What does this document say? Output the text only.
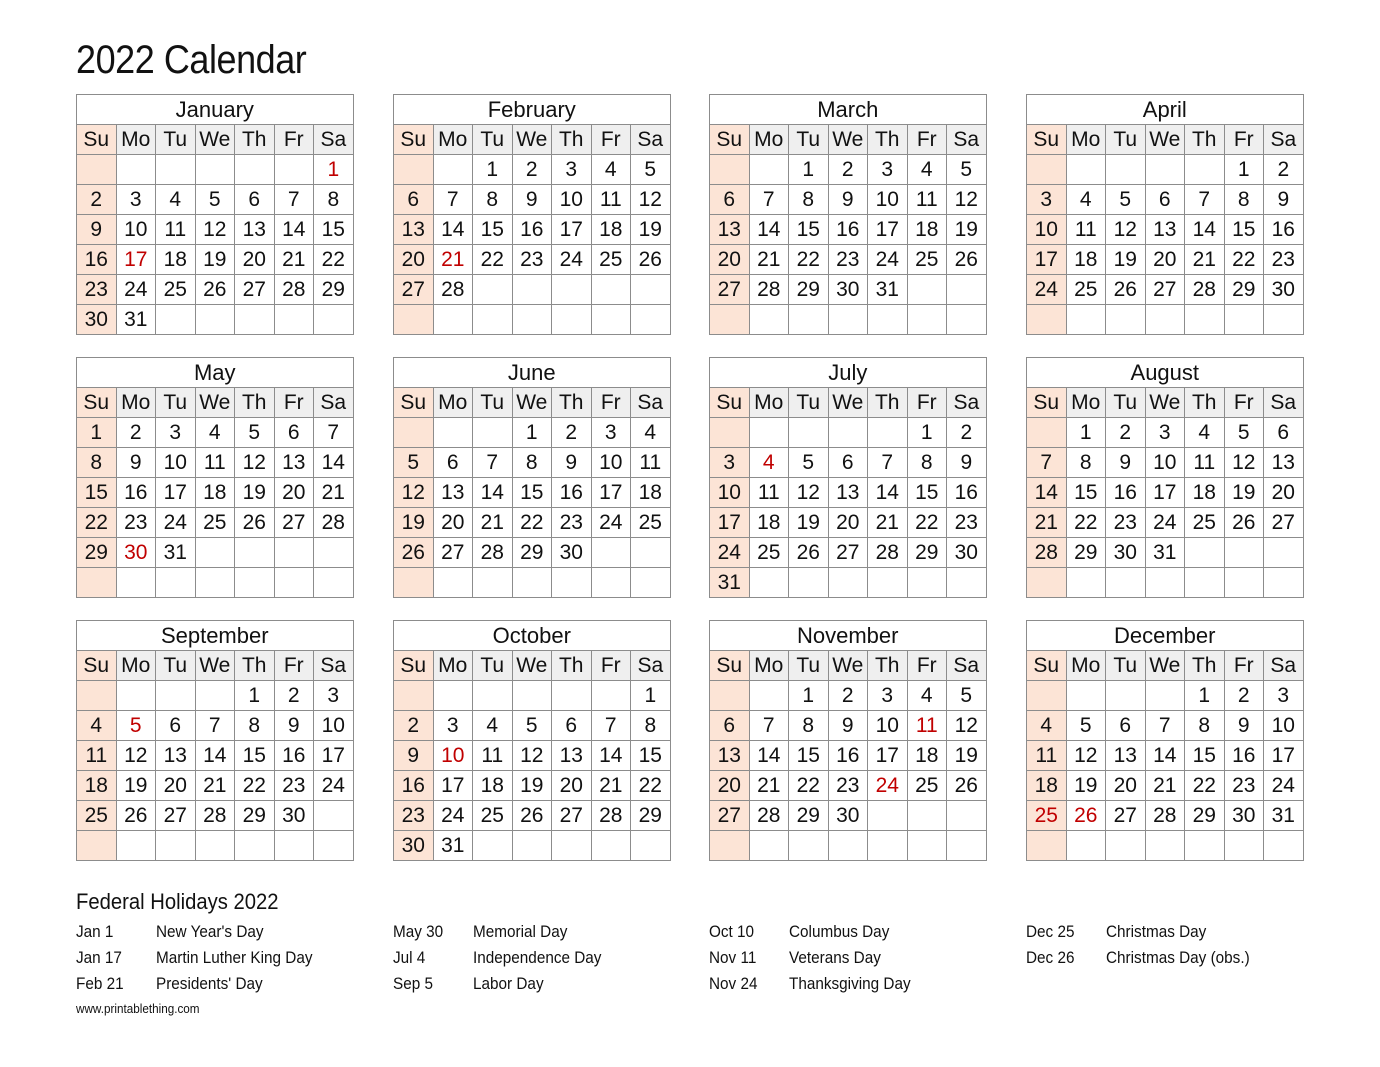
2022 Calendar
January						
Su	Mo	Tu	We	Th	Fr	Sa
						1
2	3	4	5	6	7	8
9	10	11	12	13	14	15
16	17	18	19	20	21	22
23	24	25	26	27	28	29
30	31					
February						
Su	Mo	Tu	We	Th	Fr	Sa
		1	2	3	4	5
6	7	8	9	10	11	12
13	14	15	16	17	18	19
20	21	22	23	24	25	26
27	28					

March						
Su	Mo	Tu	We	Th	Fr	Sa
		1	2	3	4	5
6	7	8	9	10	11	12
13	14	15	16	17	18	19
20	21	22	23	24	25	26
27	28	29	30	31		

April						
Su	Mo	Tu	We	Th	Fr	Sa
					1	2
3	4	5	6	7	8	9
10	11	12	13	14	15	16
17	18	19	20	21	22	23
24	25	26	27	28	29	30

May						
Su	Mo	Tu	We	Th	Fr	Sa
1	2	3	4	5	6	7
8	9	10	11	12	13	14
15	16	17	18	19	20	21
22	23	24	25	26	27	28
29	30	31				

June						
Su	Mo	Tu	We	Th	Fr	Sa
			1	2	3	4
5	6	7	8	9	10	11
12	13	14	15	16	17	18
19	20	21	22	23	24	25
26	27	28	29	30		

July						
Su	Mo	Tu	We	Th	Fr	Sa
					1	2
3	4	5	6	7	8	9
10	11	12	13	14	15	16
17	18	19	20	21	22	23
24	25	26	27	28	29	30
31						
August						
Su	Mo	Tu	We	Th	Fr	Sa
	1	2	3	4	5	6
7	8	9	10	11	12	13
14	15	16	17	18	19	20
21	22	23	24	25	26	27
28	29	30	31			

September						
Su	Mo	Tu	We	Th	Fr	Sa
				1	2	3
4	5	6	7	8	9	10
11	12	13	14	15	16	17
18	19	20	21	22	23	24
25	26	27	28	29	30	

October						
Su	Mo	Tu	We	Th	Fr	Sa
						1
2	3	4	5	6	7	8
9	10	11	12	13	14	15
16	17	18	19	20	21	22
23	24	25	26	27	28	29
30	31					
November						
Su	Mo	Tu	We	Th	Fr	Sa
		1	2	3	4	5
6	7	8	9	10	11	12
13	14	15	16	17	18	19
20	21	22	23	24	25	26
27	28	29	30			

December						
Su	Mo	Tu	We	Th	Fr	Sa
				1	2	3
4	5	6	7	8	9	10
11	12	13	14	15	16	17
18	19	20	21	22	23	24
25	26	27	28	29	30	31

Federal Holidays 2022
Jan 1	New Year's Day
Jan 17 Martin Luther King Day
Feb 21 Presidents' Day
May 30 Memorial Day
Jul 4	Independence Day
Sep 5 Labor Day
Oct 10 Columbus Day
Nov 11 Veterans Day
Nov 24 Thanksgiving Day
Dec 25 Christmas Day
Dec 26 Christmas Day (obs.)
www.printablething.com
